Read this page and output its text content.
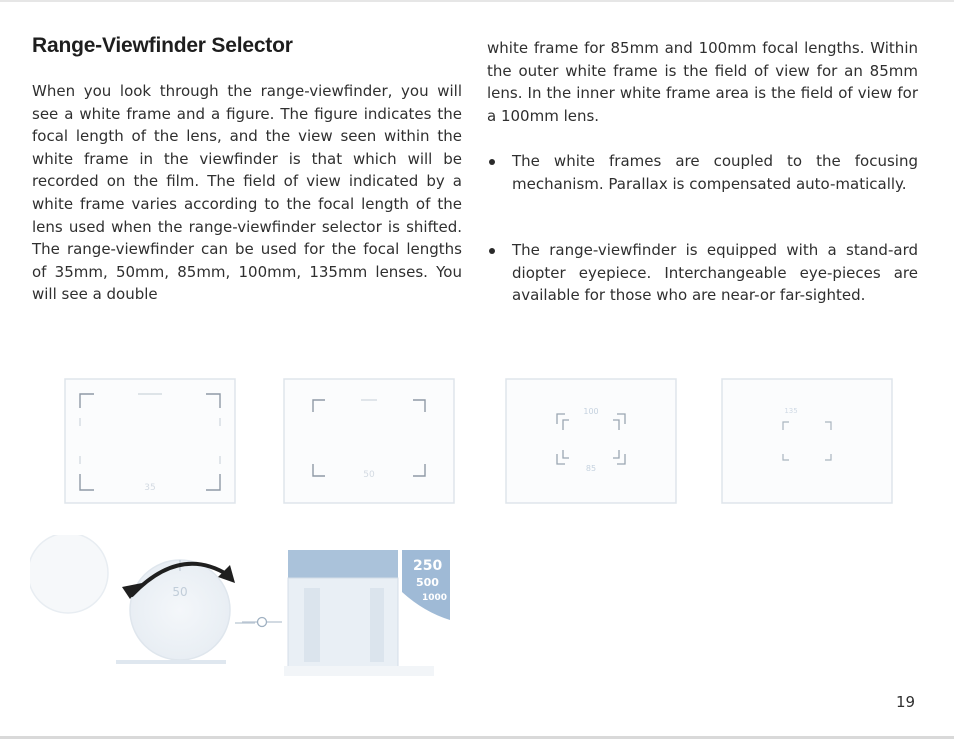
Range-Viewfinder Selector
When you look through the range-viewfinder, you will see a white frame and a figure. The figure indicates the focal length of the lens, and the view seen within the white frame in the viewfinder is that which will be recorded on the film. The field of view indicated by a white frame varies according to the focal length of the lens used when the range-viewfinder selector is shifted. The range-viewfinder can be used for the focal lengths of 35mm, 50mm, 85mm, 100mm, 135mm lenses. You will see a double
white frame for 85mm and 100mm focal lengths. Within the outer white frame is the field of view for an 85mm lens. In the inner white frame area is the field of view for a 100mm lens.
The white frames are coupled to the focusing mechanism. Parallax is compensated auto-matically.
The range-viewfinder is equipped with a stand-ard diopter eyepiece. Interchangeable eye-pieces are available for those who are near-or far-sighted.
35
50
100
85
135
50
250
500
1000
19
